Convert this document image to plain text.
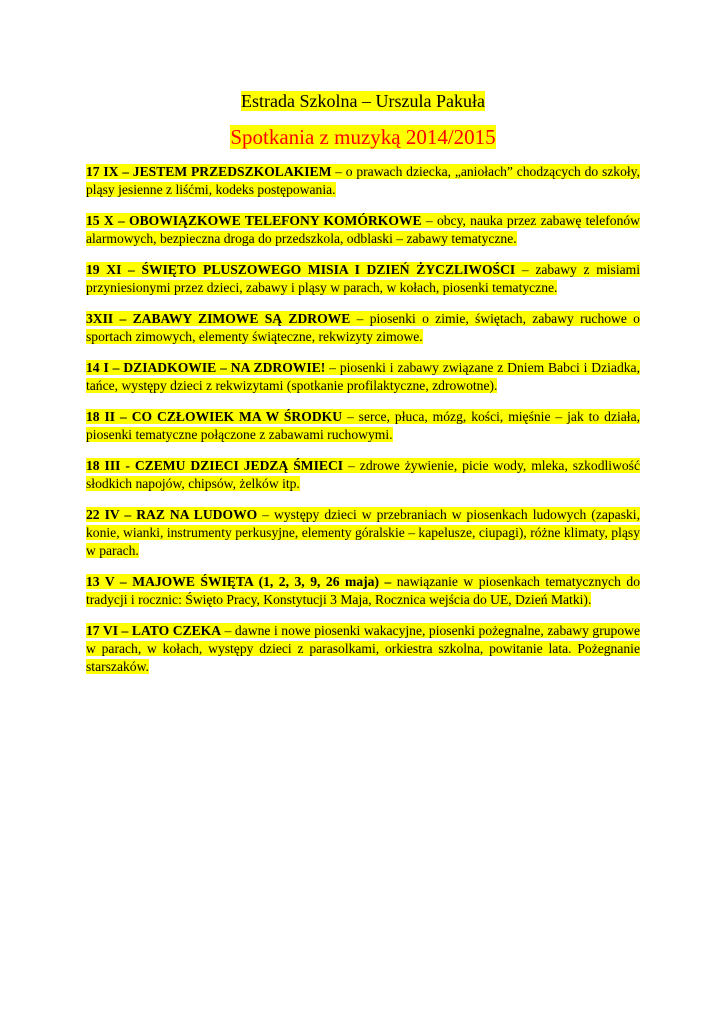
Estrada Szkolna – Urszula Pakuła
Spotkania z muzyką 2014/2015

17 IX – JESTEM PRZEDSZKOLAKIEM – o prawach dziecka, „aniołach” chodzących do szkoły, pląsy jesienne z liśćmi, kodeks postępowania.

15 X – OBOWIĄZKOWE TELEFONY KOMÓRKOWE – obcy, nauka przez zabawę telefonów alarmowych, bezpieczna droga do przedszkola, odblaski – zabawy tematyczne.

19 XI – ŚWIĘTO PLUSZOWEGO MISIA I DZIEŃ ŻYCZLIWOŚCI – zabawy z misiami przyniesionymi przez dzieci, zabawy i pląsy w parach, w kołach, piosenki tematyczne.

3XII – ZABAWY ZIMOWE SĄ ZDROWE – piosenki o zimie, świętach, zabawy ruchowe o sportach zimowych, elementy świąteczne, rekwizyty zimowe.

14 I – DZIADKOWIE – NA ZDROWIE! – piosenki i zabawy związane z Dniem Babci i Dziadka, tańce, występy dzieci z rekwizytami (spotkanie profilaktyczne, zdrowotne).

18 II – CO CZŁOWIEK MA W ŚRODKU – serce, płuca, mózg, kości, mięśnie – jak to działa, piosenki tematyczne połączone z zabawami ruchowymi.

18 III - CZEMU DZIECI JEDZĄ ŚMIECI – zdrowe żywienie, picie wody, mleka, szkodliwość słodkich napojów, chipsów, żelków itp.

22 IV – RAZ NA LUDOWO – występy dzieci w przebraniach w piosenkach ludowych (zapaski, konie, wianki, instrumenty perkusyjne, elementy góralskie – kapelusze, ciupagi), różne klimaty, pląsy w parach.

13 V – MAJOWE ŚWIĘTA (1, 2, 3, 9, 26 maja) – nawiązanie w piosenkach tematycznych do tradycji i rocznic: Święto Pracy, Konstytucji 3 Maja, Rocznica wejścia do UE, Dzień Matki).

17 VI – LATO CZEKA – dawne i nowe piosenki wakacyjne, piosenki pożegnalne, zabawy grupowe w parach, w kołach, występy dzieci z parasolkami, orkiestra szkolna, powitanie lata. Pożegnanie starszaków.
